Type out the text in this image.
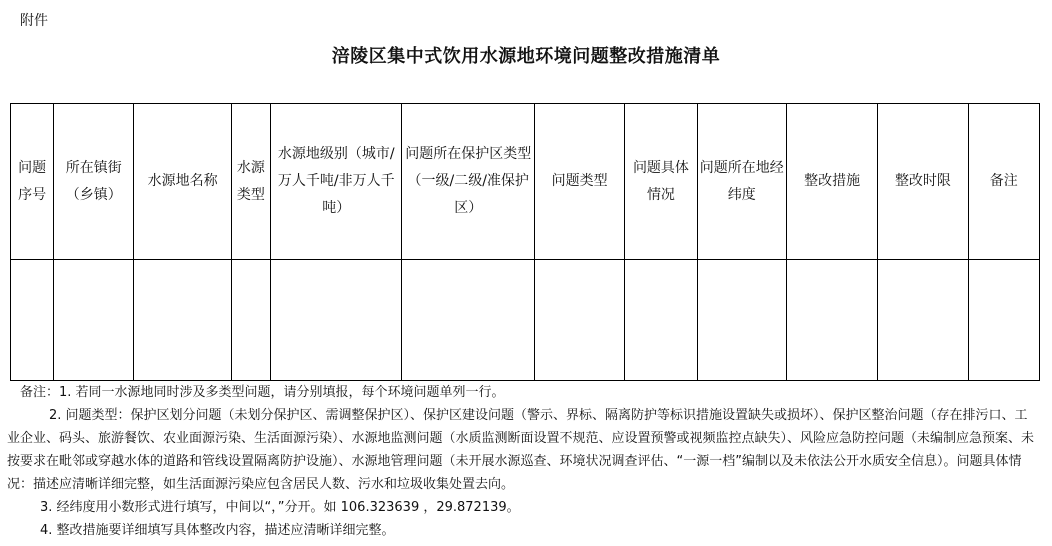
附件
涪陵区集中式饮用水源地环境问题整改措施清单
问题序号	所在镇街（乡镇）	水源地名称	水源类型	水源地级别（城市/万人千吨/非万人千吨）	问题所在保护区类型（一级/二级/准保护区）	问题类型	问题具体情况	问题所在地经纬度	整改措施	整改时限	备注

备注：1. 若同一水源地同时涉及多类型问题，请分别填报，每个环境问题单列一行。

2. 问题类型：保护区划分问题（未划分保护区、需调整保护区）、保护区建设问题（警示、界标、隔离防护等标识措施设置缺失或损坏）、保护区整治问题（存在排污口、工业企业、码头、旅游餐饮、农业面源污染、生活面源污染）、水源地监测问题（水质监测断面设置不规范、应设置预警或视频监控点缺失）、风险应急防控问题（未编制应急预案、未按要求在毗邻或穿越水体的道路和管线设置隔离防护设施）、水源地管理问题（未开展水源巡查、环境状况调查评估、“一源一档”编制以及未依法公开水质安全信息）。问题具体情况：描述应清晰详细完整，如生活面源污染应包含居民人数、污水和垃圾收集处置去向。

3. 经纬度用小数形式进行填写，中间以“，”分开。如 106.323639 ，29.872139。

4. 整改措施要详细填写具体整改内容，描述应清晰详细完整。
